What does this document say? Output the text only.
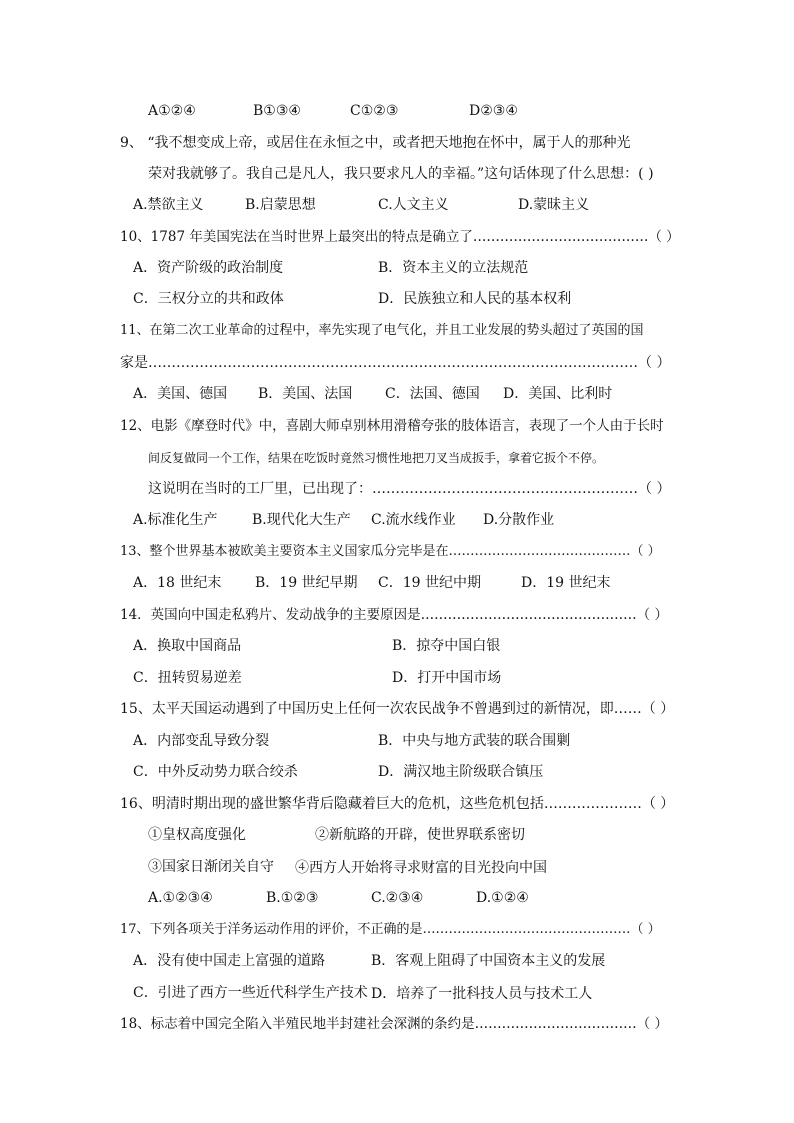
A①②④	B①③④	C①②③	D②③④
9、 “我不想变成上帝，或居住在永恒之中，或者把天地抱在怀中，属于人的那种光
荣对我就够了。我自己是凡人，我只要求凡人的幸福。”这句话体现了什么思想：( )
A.禁欲主义	B.启蒙思想	C.人文主义	D.蒙昧主义
10、1787 年美国宪法在当时世界上最突出的特点是确立了…………………………………（ ）
A．资产阶级的政治制度	B．资本主义的立法规范
C．三权分立的共和政体	D．民族独立和人民的基本权利
11、在第二次工业革命的过程中，率先实现了电气化，并且工业发展的势头超过了英国的国
家是……………………………………………………………………………………………（ ）
A．美国、德国 B．美国、法国 C．法国、德国 D．美国、比利时
12、电影《摩登时代》中，喜剧大师卓别林用滑稽夸张的肢体语言，表现了一个人由于长时
间反复做同一个工作，结果在吃饭时竟然习惯性地把刀叉当成扳手，拿着它扳个不停。
这说明在当时的工厂里，已出现了：…………………………………………………（ ）
A.标准化生产 B.现代化大生产 C.流水线作业 D.分散作业
13、整个世界基本被欧美主要资本主义国家瓜分完毕是在……………………………………（ ）
A．18 世纪末 B．19 世纪早期 C．19 世纪中期	D．19 世纪末
14．英国向中国走私鸦片、发动战争的主要原因是…………………………………………（ ）
A．换取中国商品	B．掠夺中国白银
C．扭转贸易逆差	D．打开中国市场
15、太平天国运动遇到了中国历史上任何一次农民战争不曾遇到过的新情况，即……（ ）
A．内部变乱导致分裂	B．中央与地方武装的联合围剿
C．中外反动势力联合绞杀	D．满汉地主阶级联合镇压
16、明清时期出现的盛世繁华背后隐藏着巨大的危机，这些危机包括…………………（ ）
①皇权高度强化	②新航路的开辟，使世界联系密切
③国家日渐闭关自守 ④西方人开始将寻求财富的目光投向中国
A.①②③④	B.①②③	C.②③④	D.①②④
17、下列各项关于洋务运动作用的评价，不正确的是…………………………………………（ ）
A．没有使中国走上富强的道路	B．客观上阻碍了中国资本主义的发展
C．引进了西方一些近代科学生产技术 D．培养了一批科技人员与技术工人
18、标志着中国完全陷入半殖民地半封建社会深渊的条约是………………………………（ ）
